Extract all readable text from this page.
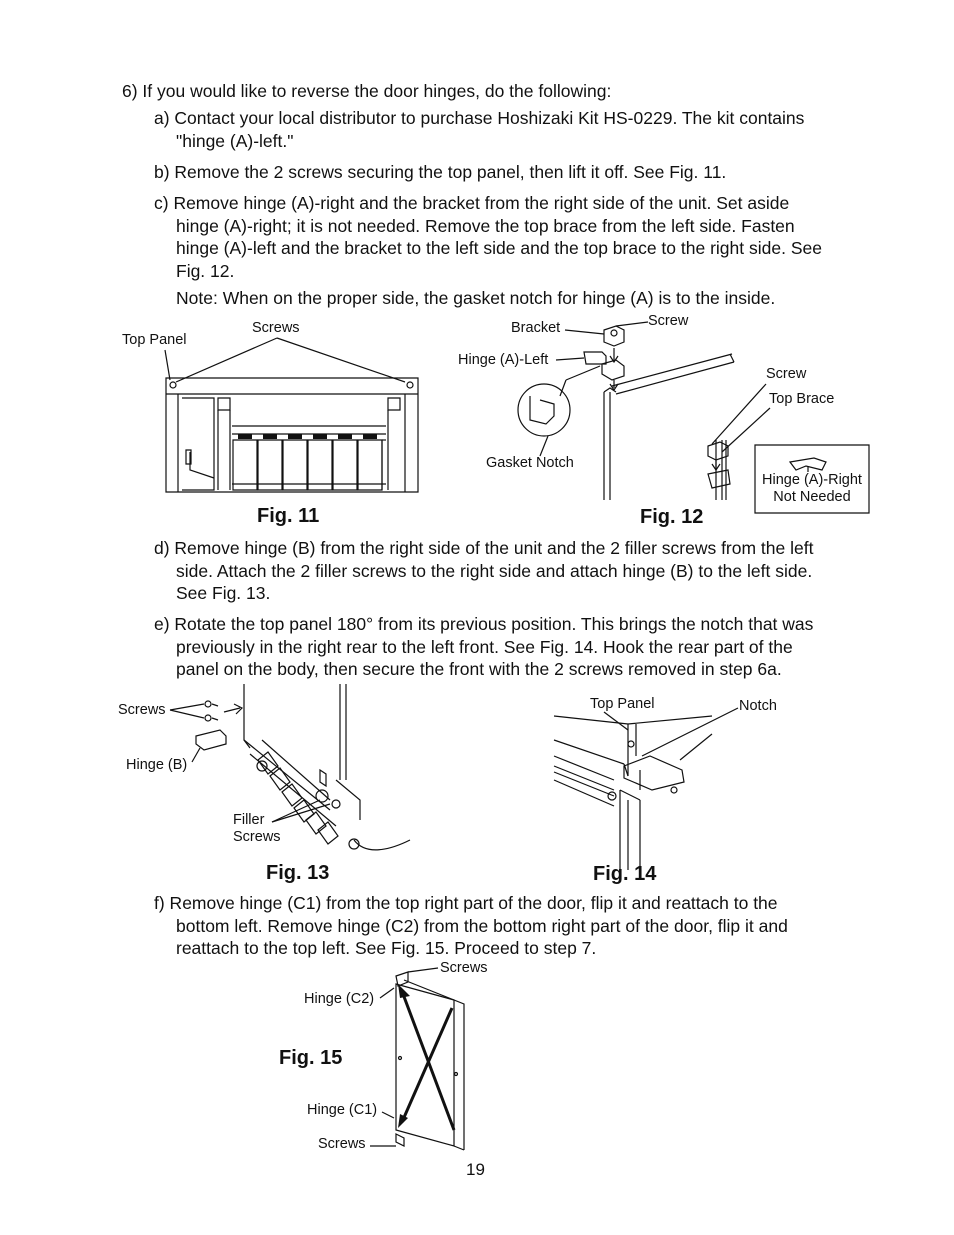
6) If you would like to reverse the door hinges, do the following:
a) Contact your local distributor to purchase Hoshizaki Kit HS-0229. The kit contains
"hinge (A)-left."
b) Remove the 2 screws securing the top panel, then lift it off. See Fig. 11.
c) Remove hinge (A)-right and the bracket from the right side of the unit. Set aside
hinge (A)-right; it is not needed. Remove the top brace from the left side. Fasten
hinge (A)-left and the bracket to the left side and the top brace to the right side. See
Fig. 12.
Note: When on the proper side, the gasket notch for hinge (A) is to the inside.
d) Remove hinge (B) from the right side of the unit and the 2 filler screws from the left
side. Attach the 2 filler screws to the right side and attach hinge (B) to the left side.
See Fig. 13.
e) Rotate the top panel 180° from its previous position. This brings the notch that was
previously in the right rear to the left front. See Fig. 14. Hook the rear part of the
panel on the body, then secure the front with the 2 screws removed in step 6a.
f) Remove hinge (C1) from the top right part of the door, flip it and reattach to the
bottom left. Remove hinge (C2) from the bottom right part of the door, flip it and
reattach to the top left. See Fig. 15. Proceed to step 7.
Top Panel
Screws
Fig. 11
Bracket	Screw
Hinge (A)-Left
Gasket Notch
Screw
Top Brace
Hinge (A)-Right
Not Needed
Fig. 12
Screws
Hinge (B)
Filler
Screws
Fig. 13
Top Panel	Notch
Fig. 14
Screws
Hinge (C2)
Fig. 15
Hinge (C1)
Screws
19
